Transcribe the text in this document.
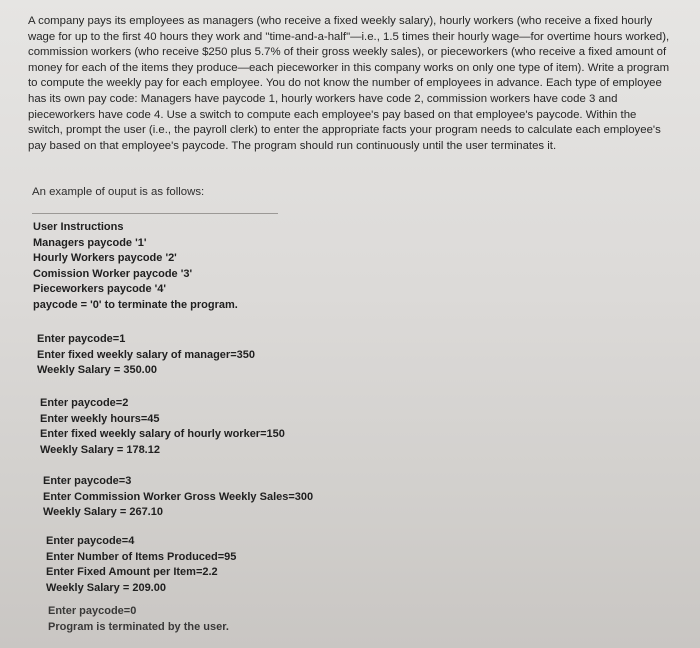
A company pays its employees as managers (who receive a fixed weekly salary), hourly workers (who receive a fixed hourly wage for up to the first 40 hours they work and "time-and-a-half"—i.e., 1.5 times their hourly wage—for overtime hours worked), commission workers (who receive $250 plus 5.7% of their gross weekly sales), or pieceworkers (who receive a fixed amount of money for each of the items they produce—each pieceworker in this company works on only one type of item). Write a program to compute the weekly pay for each employee. You do not know the number of employees in advance. Each type of employee has its own pay code: Managers have paycode 1, hourly workers have code 2, commission workers have code 3 and pieceworkers have code 4. Use a switch to compute each employee's pay based on that employee's paycode. Within the switch, prompt the user (i.e., the payroll clerk) to enter the appropriate facts your program needs to calculate each employee's pay based on that employee's paycode. The program should run continuously until the user terminates it.

An example of ouput is as follows:

User Instructions
Managers paycode '1'
Hourly Workers paycode '2'
Comission Worker paycode '3'
Pieceworkers paycode '4'
paycode = '0' to terminate the program.
Enter paycode=1
Enter fixed weekly salary of manager=350
Weekly Salary = 350.00
Enter paycode=2
Enter weekly hours=45
Enter fixed weekly salary of hourly worker=150
Weekly Salary = 178.12
Enter paycode=3
Enter Commission Worker Gross Weekly Sales=300
Weekly Salary = 267.10
Enter paycode=4
Enter Number of Items Produced=95
Enter Fixed Amount per Item=2.2
Weekly Salary = 209.00
Enter paycode=0
Program is terminated by the user.
